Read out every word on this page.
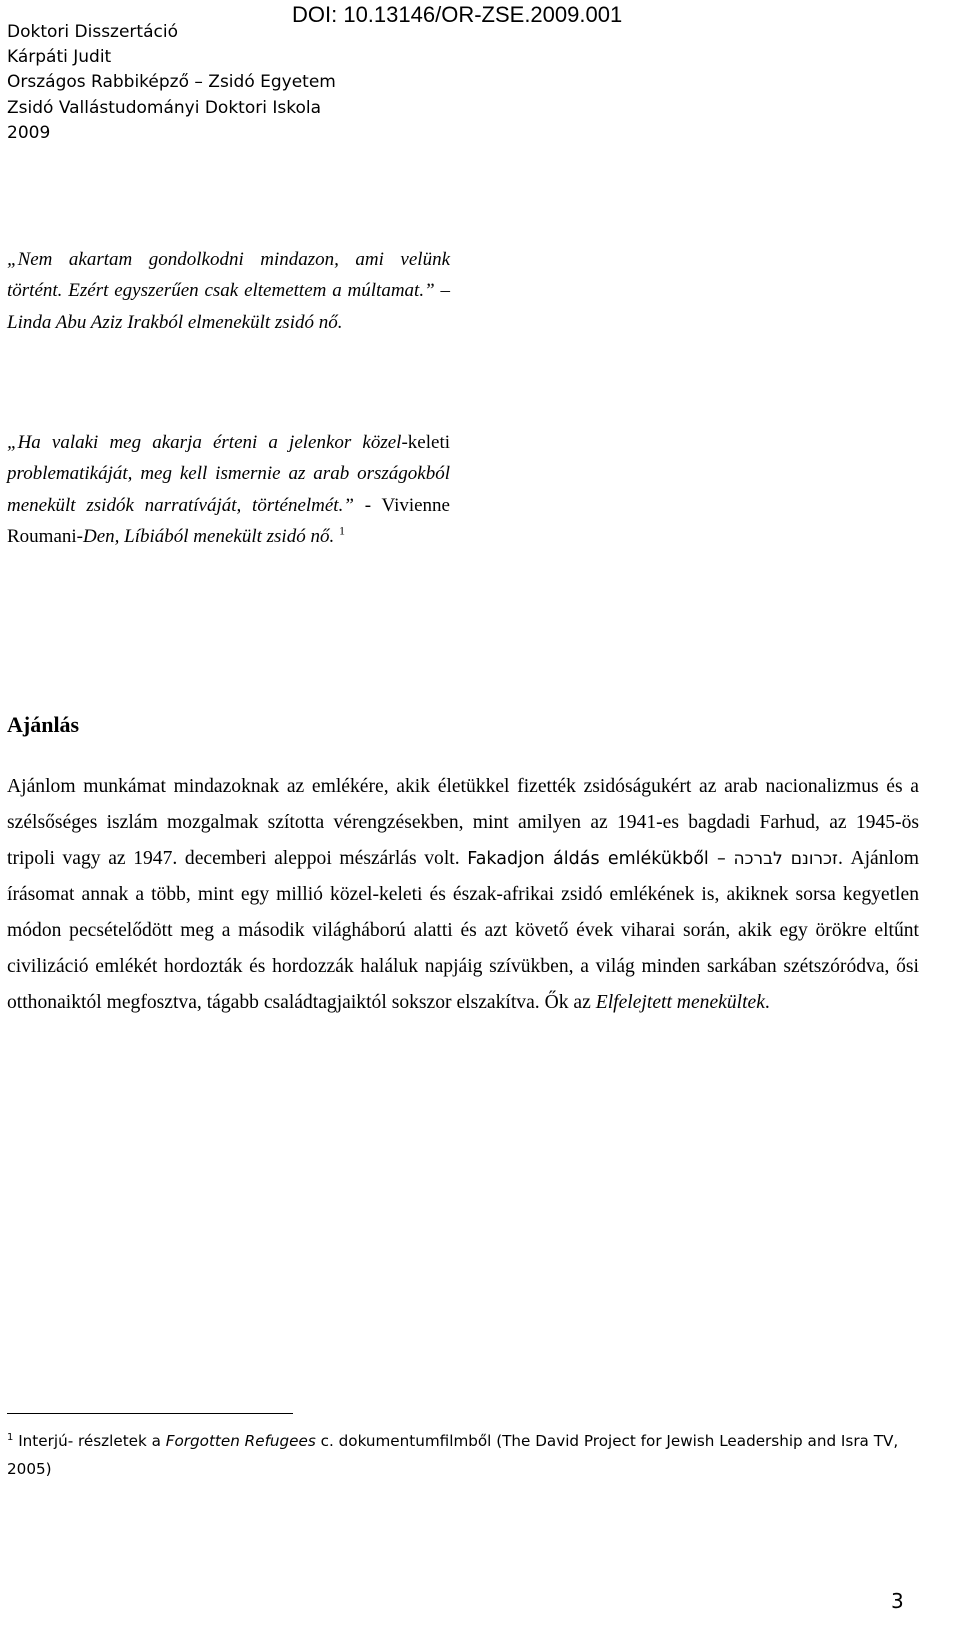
DOI: 10.13146/OR-ZSE.2009.001
Doktori Disszertáció
Kárpáti Judit
Országos Rabbiképző – Zsidó Egyetem
Zsidó Vallástudományi Doktori Iskola
2009
„Nem akartam gondolkodni mindazon, ami velünk történt. Ezért egyszerűen csak eltemettem a múltamat.” – Linda Abu Aziz Irakból elmenekült zsidó nő.
„Ha valaki meg akarja érteni a jelenkor közel-keleti problematikáját, meg kell ismernie az arab országokból menekült zsidók narratíváját, történelmét.” - Vivienne Roumani-Den, Líbiából menekült zsidó nő. $^1$
Ajánlás

Ajánlom munkámat mindazoknak az emlékére, akik életükkel fizették zsidóságukért az arab nacionalizmus és a szélsőséges iszlám mozgalmak szította vérengzésekben, mint amilyen az 1941-es bagdadi Farhud, az 1945-ös tripoli vagy az 1947. decemberi aleppoi mészárlás volt. Fakadjon áldás emlékükből – זכרונם לברכה. Ajánlom írásomat annak a több, mint egy millió közel-keleti és észak-afrikai zsidó emlékének is, akiknek sorsa kegyetlen módon pecsételődött meg a második világháború alatti és azt követő évek viharai során, akik egy örökre eltűnt civilizáció emlékét hordozták és hordozzák haláluk napjáig szívükben, a világ minden sarkában szétszóródva, ősi otthonaiktól megfosztva, tágabb családtagjaiktól sokszor elszakítva. Ők az Elfelejtett menekültek.

$^1$ Interjú- részletek a Forgotten Refugees c. dokumentumfilmből (The David Project for Jewish Leadership and Isra TV, 2005)
3
